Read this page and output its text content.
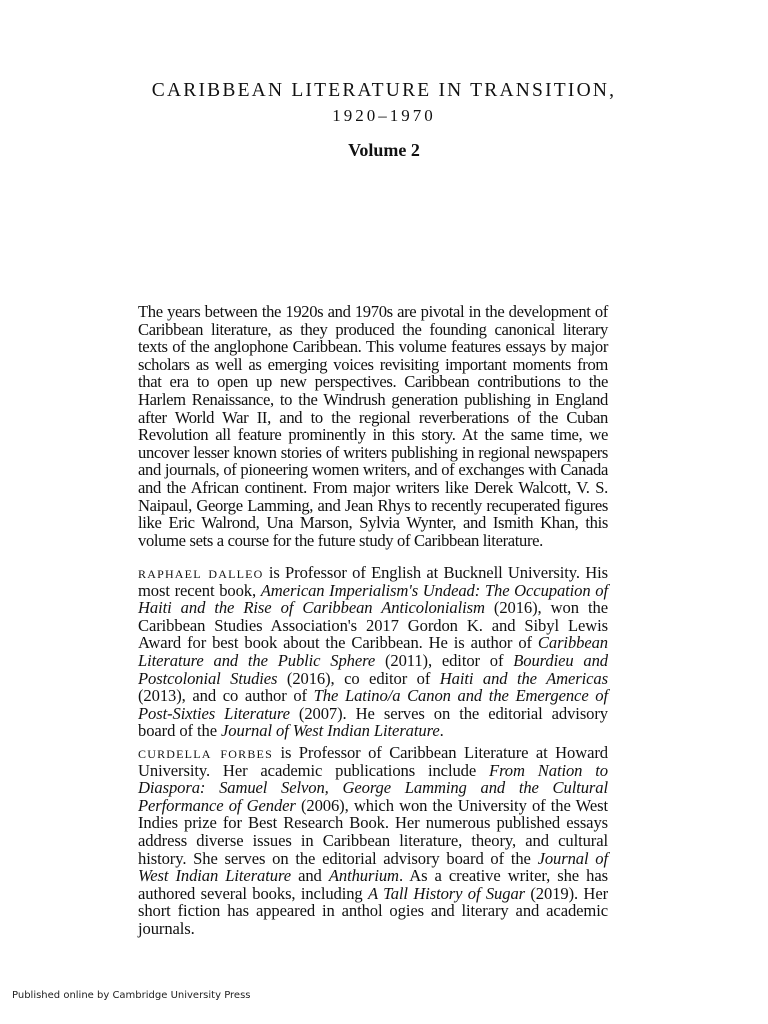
CARIBBEAN LITERATURE IN TRANSITION,
1920–1970
Volume 2

The years between the 1920s and 1970s are pivotal in the development of Caribbean literature, as they produced the founding canonical literary texts of the anglophone Caribbean. This volume features essays by major scholars as well as emerging voices revisiting important moments from that era to open up new perspectives. Caribbean contributions to the Harlem Renaissance, to the Windrush generation publishing in England after World War II, and to the regional reverberations of the Cuban Revolution all feature prominently in this story. At the same time, we uncover lesser known stories of writers publishing in regional newspapers and journals, of pioneering women writers, and of exchanges with Canada and the African continent. From major writers like Derek Walcott, V. S. Naipaul, George Lamming, and Jean Rhys to recently recuperated figures like Eric Walrond, Una Marson, Sylvia Wynter, and Ismith Khan, this volume sets a course for the future study of Caribbean literature.

raphael dalleo is Professor of English at Bucknell University. His most recent book, American Imperialism's Undead: The Occupation of Haiti and the Rise of Caribbean Anticolonialism (2016), won the Caribbean Studies Association's 2017 Gordon K. and Sibyl Lewis Award for best book about the Caribbean. He is author of Caribbean Literature and the Public Sphere (2011), editor of Bourdieu and Postcolonial Studies (2016), co editor of Haiti and the Americas (2013), and co author of The Latino/a Canon and the Emergence of Post-Sixties Literature (2007). He serves on the editorial advisory board of the Journal of West Indian Literature.

curdella forbes is Professor of Caribbean Literature at Howard University. Her academic publications include From Nation to Diaspora: Samuel Selvon, George Lamming and the Cultural Performance of Gender (2006), which won the University of the West Indies prize for Best Research Book. Her numerous published essays address diverse issues in Caribbean literature, theory, and cultural history. She serves on the editorial advisory board of the Journal of West Indian Literature and Anthurium. As a creative writer, she has authored several books, including A Tall History of Sugar (2019). Her short fiction has appeared in anthol ogies and literary and academic journals.

Published online by Cambridge University Press
